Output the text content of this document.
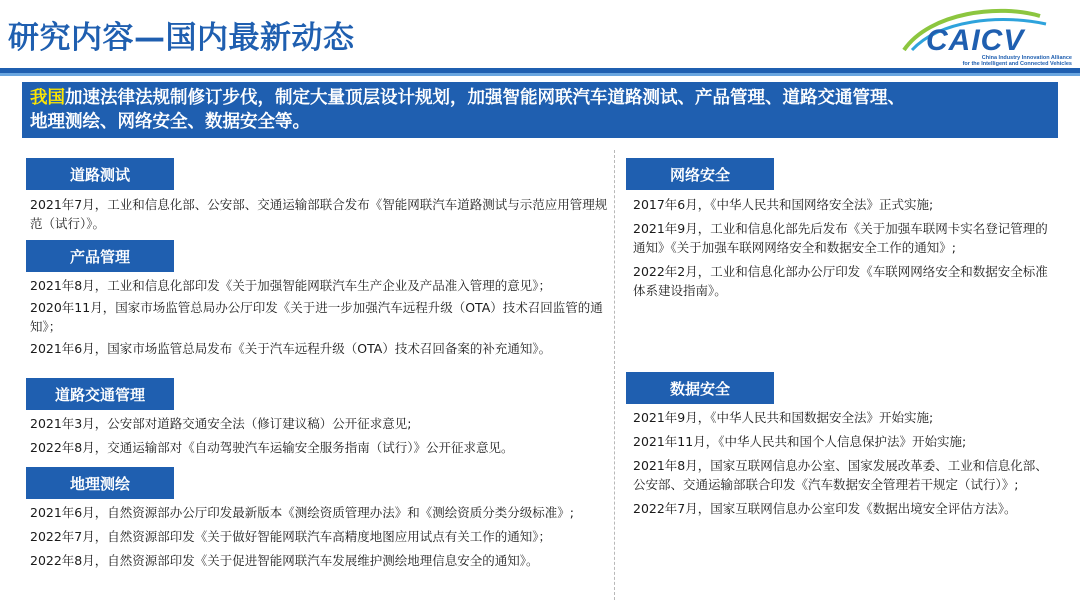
研究内容—国内最新动态	CAICV
China Industry Innovation Alliance
for the Intelligent and Connected Vehicles
我国加速法律法规制修订步伐，制定大量顶层设计规划，加强智能网联汽车道路测试、产品管理、道路交通管理、
地理测绘、网络安全、数据安全等。
道路测试

2021年7月，工业和信息化部、公安部、交通运输部联合发布《智能网联汽车道路测试与示范应用管理规范（试行）》。

产品管理

2021年8月，工业和信息化部印发《关于加强智能网联汽车生产企业及产品准入管理的意见》；

2020年11月，国家市场监管总局办公厅印发《关于进一步加强汽车远程升级（OTA）技术召回监管的通知》；

2021年6月，国家市场监管总局发布《关于汽车远程升级（OTA）技术召回备案的补充通知》。

道路交通管理

2021年3月，公安部对道路交通安全法（修订建议稿）公开征求意见;

2022年8月，交通运输部对《自动驾驶汽车运输安全服务指南（试行）》公开征求意见。

地理测绘

2021年6月，自然资源部办公厅印发最新版本《测绘资质管理办法》和《测绘资质分类分级标准》;

2022年7月，自然资源部印发《关于做好智能网联汽车高精度地图应用试点有关工作的通知》；

2022年8月，自然资源部印发《关于促进智能网联汽车发展维护测绘地理信息安全的通知》。

网络安全

2017年6月，《中华人民共和国网络安全法》正式实施;

2021年9月，工业和信息化部先后发布《关于加强车联网卡实名登记管理的通知》《关于加强车联网网络安全和数据安全工作的通知》;

2022年2月，工业和信息化部办公厅印发《车联网网络安全和数据安全标准体系建设指南》。

数据安全

2021年9月，《中华人民共和国数据安全法》开始实施;

2021年11月，《中华人民共和国个人信息保护法》开始实施;

2021年8月，国家互联网信息办公室、国家发展改革委、工业和信息化部、公安部、交通运输部联合印发《汽车数据安全管理若干规定（试行）》;

2022年7月，国家互联网信息办公室印发《数据出境安全评估方法》。
